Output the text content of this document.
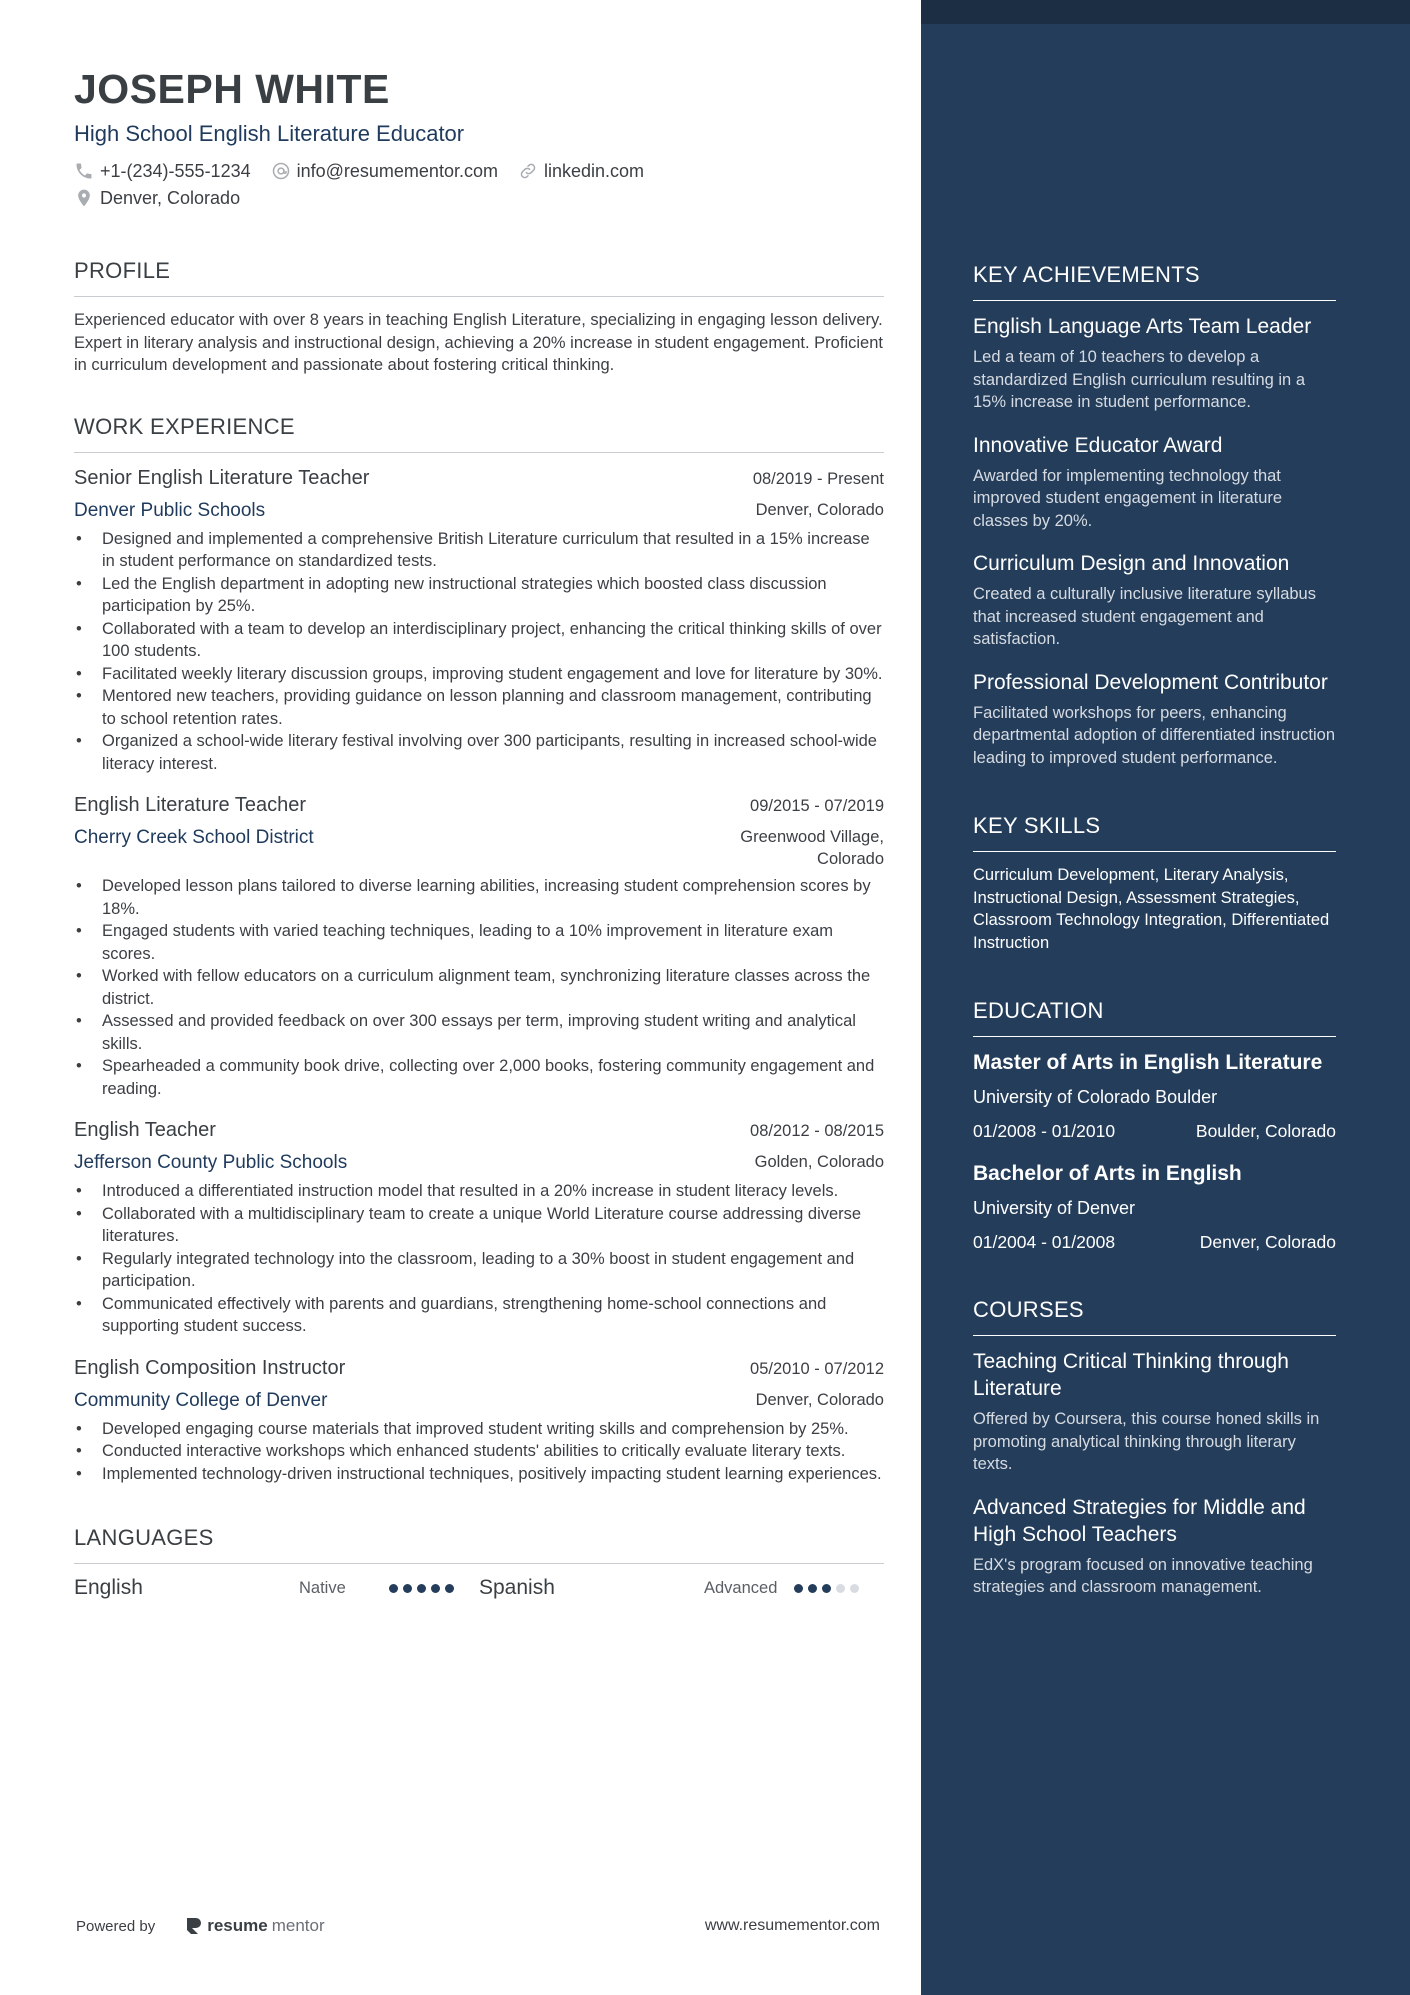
JOSEPH WHITE
High School English Literature Educator
+1-(234)-555-1234	info@resumementor.com	linkedin.com
Denver, Colorado
PROFILE
Experienced educator with over 8 years in teaching English Literature, specializing in engaging lesson delivery. Expert in literary analysis and instructional design, achieving a 20% increase in student engagement. Proficient in curriculum development and passionate about fostering critical thinking.
WORK EXPERIENCE
Senior English Literature Teacher	08/2019 - Present
Denver Public Schools	Denver, Colorado
• Designed and implemented a comprehensive British Literature curriculum that resulted in a 15% increase in student performance on standardized tests.
• Led the English department in adopting new instructional strategies which boosted class discussion participation by 25%.
• Collaborated with a team to develop an interdisciplinary project, enhancing the critical thinking skills of over 100 students.
• Facilitated weekly literary discussion groups, improving student engagement and love for literature by 30%.
• Mentored new teachers, providing guidance on lesson planning and classroom management, contributing to school retention rates.
• Organized a school-wide literary festival involving over 300 participants, resulting in increased school-wide literacy interest.
English Literature Teacher	09/2015 - 07/2019
Cherry Creek School District	Greenwood Village,
Colorado
• Developed lesson plans tailored to diverse learning abilities, increasing student comprehension scores by 18%.
• Engaged students with varied teaching techniques, leading to a 10% improvement in literature exam scores.
• Worked with fellow educators on a curriculum alignment team, synchronizing literature classes across the district.
• Assessed and provided feedback on over 300 essays per term, improving student writing and analytical skills.
• Spearheaded a community book drive, collecting over 2,000 books, fostering community engagement and reading.
English Teacher	08/2012 - 08/2015
Jefferson County Public Schools	Golden, Colorado
• Introduced a differentiated instruction model that resulted in a 20% increase in student literacy levels.
• Collaborated with a multidisciplinary team to create a unique World Literature course addressing diverse literatures.
• Regularly integrated technology into the classroom, leading to a 30% boost in student engagement and participation.
• Communicated effectively with parents and guardians, strengthening home-school connections and supporting student success.
English Composition Instructor	05/2010 - 07/2012
Community College of Denver	Denver, Colorado
• Developed engaging course materials that improved student writing skills and comprehension by 25%.
• Conducted interactive workshops which enhanced students' abilities to critically evaluate literary texts.
• Implemented technology-driven instructional techniques, positively impacting student learning experiences.
LANGUAGES
English	Native	Spanish	Advanced
Powered by	resume mentor	www.resumementor.com
KEY ACHIEVEMENTS
English Language Arts Team Leader
Led a team of 10 teachers to develop a standardized English curriculum resulting in a 15% increase in student performance.
Innovative Educator Award
Awarded for implementing technology that improved student engagement in literature classes by 20%.
Curriculum Design and Innovation
Created a culturally inclusive literature syllabus that increased student engagement and satisfaction.
Professional Development Contributor
Facilitated workshops for peers, enhancing departmental adoption of differentiated instruction leading to improved student performance.
KEY SKILLS
Curriculum Development, Literary Analysis, Instructional Design, Assessment Strategies, Classroom Technology Integration, Differentiated Instruction
EDUCATION
Master of Arts in English Literature
University of Colorado Boulder
01/2008 - 01/2010	Boulder, Colorado
Bachelor of Arts in English
University of Denver
01/2004 - 01/2008	Denver, Colorado
COURSES
Teaching Critical Thinking through Literature
Offered by Coursera, this course honed skills in promoting analytical thinking through literary texts.
Advanced Strategies for Middle and High School Teachers
EdX's program focused on innovative teaching strategies and classroom management.
